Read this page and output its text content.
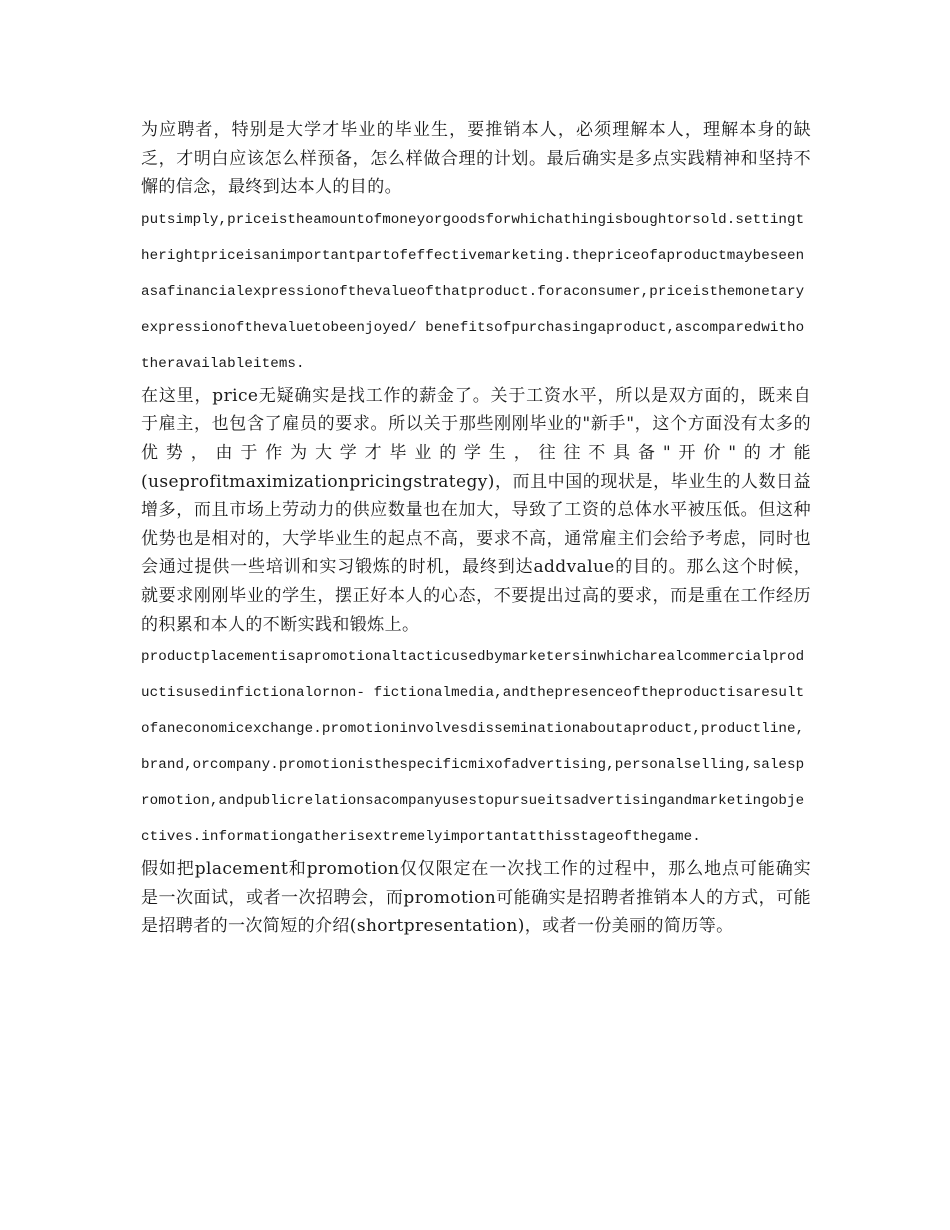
为应聘者，特别是大学才毕业的毕业生，要推销本人，必须理解本人，理解本身的缺乏，才明白应该怎么样预备，怎么样做合理的计划。最后确实是多点实践精神和坚持不懈的信念，最终到达本人的目的。

putsimply,priceistheamountofmoneyorgoodsforwhichathingisboughtorsold.settingtherightpriceisanimportantpartofeffectivemarketing.thepriceofaproductmaybeseenasafinancialexpressionofthevalueofthatproduct.foraconsumer,priceisthemonetaryexpressionofthevaluetobeenjoyed/ benefitsofpurchasingaproduct,ascomparedwithotheravailableitems.

在这里，price无疑确实是找工作的薪金了。关于工资水平，所以是双方面的，既来自于雇主，也包含了雇员的要求。所以关于那些刚刚毕业的"新手"，这个方面没有太多的优势，由于作为大学才毕业的学生，往往不具备"开价"的才能(useprofitmaximizationpricingstrategy)，而且中国的现状是，毕业生的人数日益增多，而且市场上劳动力的供应数量也在加大，导致了工资的总体水平被压低。但这种优势也是相对的，大学毕业生的起点不高，要求不高，通常雇主们会给予考虑，同时也会通过提供一些培训和实习锻炼的时机，最终到达addvalue的目的。那么这个时候，就要求刚刚毕业的学生，摆正好本人的心态，不要提出过高的要求，而是重在工作经历的积累和本人的不断实践和锻炼上。

productplacementisapromotionaltacticusedbymarketersinwhicharealcommercialproductisusedinfictionalornon- fictionalmedia,andthepresenceoftheproductisaresultofaneconomicexchange.promotioninvolvesdisseminationaboutaproduct,productline,brand,orcompany.promotionisthespecificmixofadvertising,personalselling,salespromotion,andpublicrelationsacompanyusestopursueitsadvertisingandmarketingobjectives.informationgatherisextremelyimportantatthisstageofthegame.

假如把placement和promotion仅仅限定在一次找工作的过程中，那么地点可能确实是一次面试，或者一次招聘会，而promotion可能确实是招聘者推销本人的方式，可能是招聘者的一次简短的介绍(shortpresentation)，或者一份美丽的简历等。
